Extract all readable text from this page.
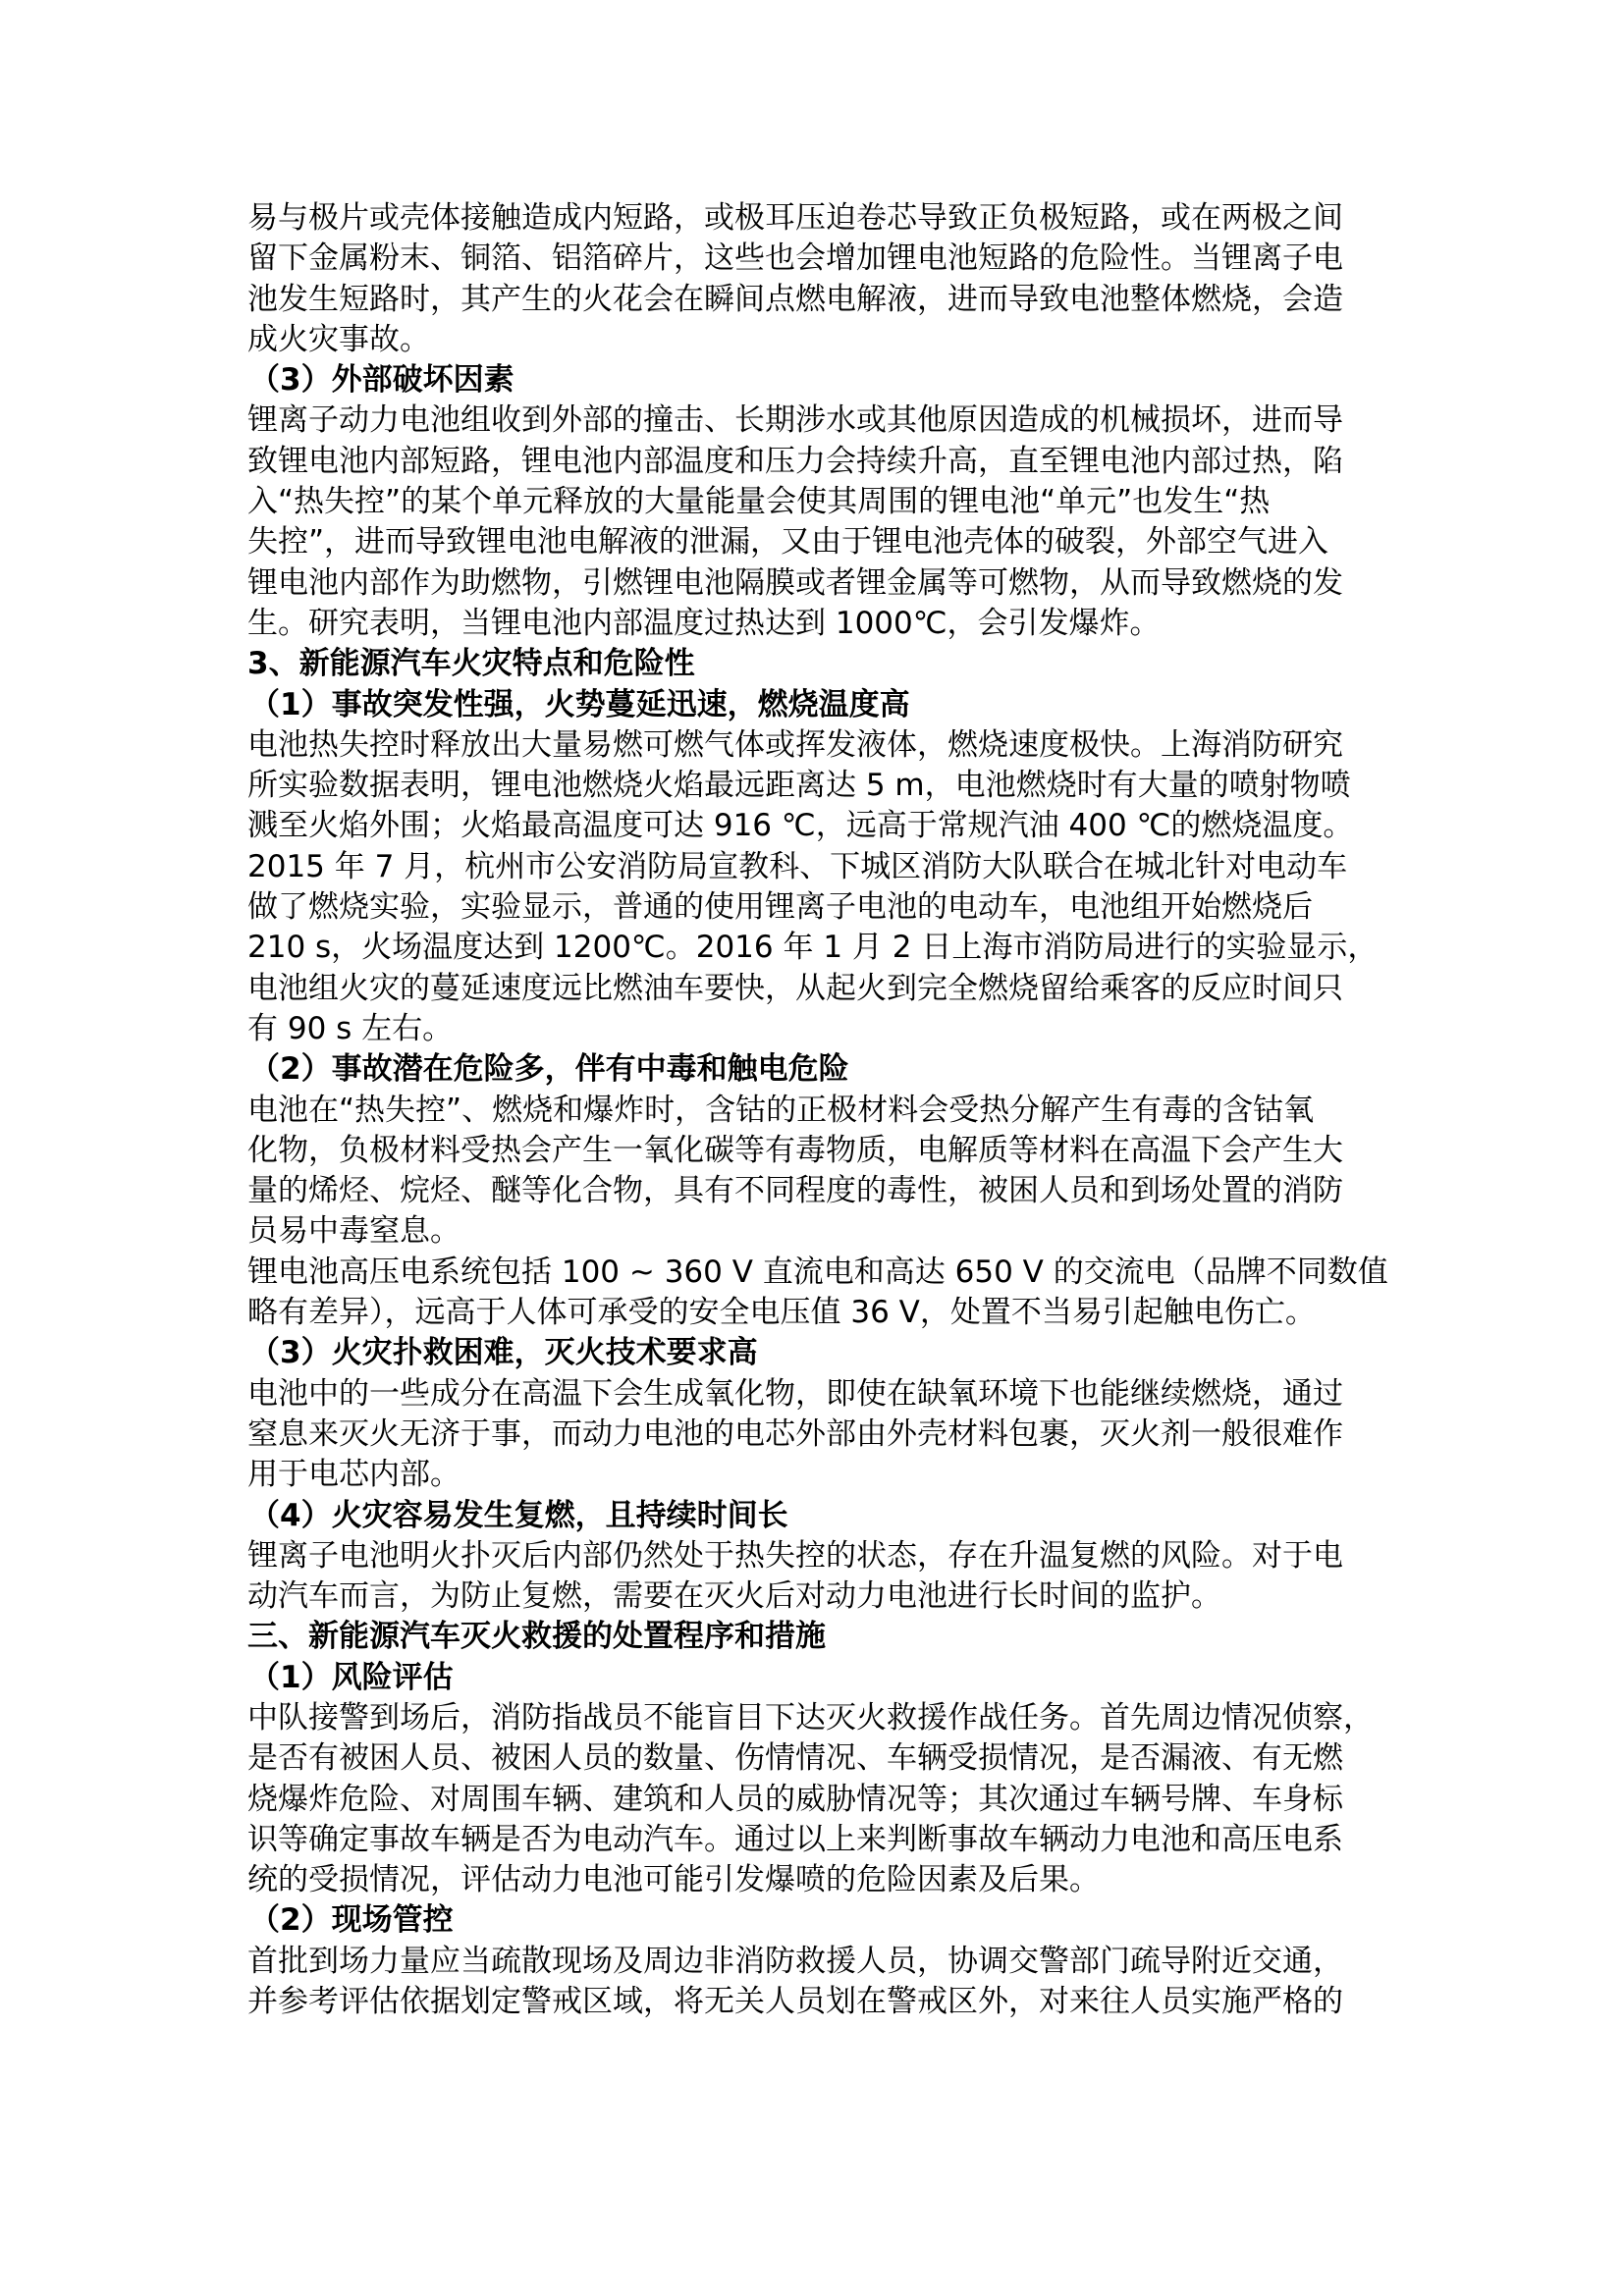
易与极片或壳体接触造成内短路，或极耳压迫卷芯导致正负极短路，或在两极之间
留下金属粉末、铜箔、铝箔碎片，这些也会增加锂电池短路的危险性。当锂离子电
池发生短路时，其产生的火花会在瞬间点燃电解液，进而导致电池整体燃烧，会造
成火灾事故。
（3）外部破坏因素
锂离子动力电池组收到外部的撞击、长期涉水或其他原因造成的机械损坏，进而导
致锂电池内部短路，锂电池内部温度和压力会持续升高，直至锂电池内部过热，陷
入“热失控”的某个单元释放的大量能量会使其周围的锂电池“单元”也发生“热
失控”，进而导致锂电池电解液的泄漏，又由于锂电池壳体的破裂，外部空气进入
锂电池内部作为助燃物，引燃锂电池隔膜或者锂金属等可燃物，从而导致燃烧的发
生。研究表明，当锂电池内部温度过热达到 1000℃，会引发爆炸。
3、新能源汽车火灾特点和危险性
（1）事故突发性强，火势蔓延迅速，燃烧温度高
电池热失控时释放出大量易燃可燃气体或挥发液体，燃烧速度极快。上海消防研究
所实验数据表明，锂电池燃烧火焰最远距离达 5 m，电池燃烧时有大量的喷射物喷
溅至火焰外围；火焰最高温度可达 916 ℃，远高于常规汽油 400 ℃的燃烧温度。
2015 年 7 月，杭州市公安消防局宣教科、下城区消防大队联合在城北针对电动车
做了燃烧实验，实验显示，普通的使用锂离子电池的电动车，电池组开始燃烧后
210 s，火场温度达到 1200℃。2016 年 1 月 2 日上海市消防局进行的实验显示，
电池组火灾的蔓延速度远比燃油车要快，从起火到完全燃烧留给乘客的反应时间只
有 90 s 左右。
（2）事故潜在危险多，伴有中毒和触电危险
电池在“热失控”、燃烧和爆炸时，含钴的正极材料会受热分解产生有毒的含钴氧
化物，负极材料受热会产生一氧化碳等有毒物质，电解质等材料在高温下会产生大
量的烯烃、烷烃、醚等化合物，具有不同程度的毒性，被困人员和到场处置的消防
员易中毒窒息。
锂电池高压电系统包括 100 ~ 360 V 直流电和高达 650 V 的交流电（品牌不同数值
略有差异），远高于人体可承受的安全电压值 36 V，处置不当易引起触电伤亡。
（3）火灾扑救困难，灭火技术要求高
电池中的一些成分在高温下会生成氧化物，即使在缺氧环境下也能继续燃烧，通过
窒息来灭火无济于事，而动力电池的电芯外部由外壳材料包裹，灭火剂一般很难作
用于电芯内部。
（4）火灾容易发生复燃，且持续时间长
锂离子电池明火扑灭后内部仍然处于热失控的状态，存在升温复燃的风险。对于电
动汽车而言，为防止复燃，需要在灭火后对动力电池进行长时间的监护。
三、新能源汽车灭火救援的处置程序和措施
（1）风险评估
中队接警到场后，消防指战员不能盲目下达灭火救援作战任务。首先周边情况侦察，
是否有被困人员、被困人员的数量、伤情情况、车辆受损情况，是否漏液、有无燃
烧爆炸危险、对周围车辆、建筑和人员的威胁情况等；其次通过车辆号牌、车身标
识等确定事故车辆是否为电动汽车。通过以上来判断事故车辆动力电池和高压电系
统的受损情况，评估动力电池可能引发爆喷的危险因素及后果。
（2）现场管控
首批到场力量应当疏散现场及周边非消防救援人员，协调交警部门疏导附近交通，
并参考评估依据划定警戒区域，将无关人员划在警戒区外，对来往人员实施严格的
